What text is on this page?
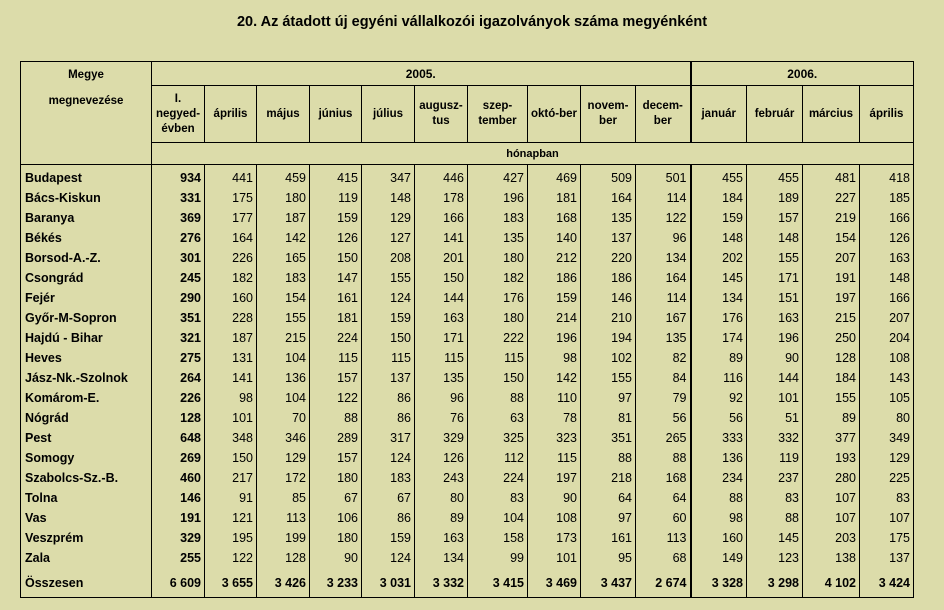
20. Az átadott új egyéni vállalkozói igazolványok száma megyénként
Megye
megnevezése	2005.										2006.			
	I. negyed-évben	április	május	június	július	augusz-tus	szep-tember	októ-ber	novem-ber	decem-ber	január	február	március	április
	hónapban													
Budapest	934	441	459	415	347	446	427	469	509	501	455	455	481	418
Bács-Kiskun	331	175	180	119	148	178	196	181	164	114	184	189	227	185
Baranya	369	177	187	159	129	166	183	168	135	122	159	157	219	166
Békés	276	164	142	126	127	141	135	140	137	96	148	148	154	126
Borsod-A.-Z.	301	226	165	150	208	201	180	212	220	134	202	155	207	163
Csongrád	245	182	183	147	155	150	182	186	186	164	145	171	191	148
Fejér	290	160	154	161	124	144	176	159	146	114	134	151	197	166
Győr-M-Sopron	351	228	155	181	159	163	180	214	210	167	176	163	215	207
Hajdú - Bihar	321	187	215	224	150	171	222	196	194	135	174	196	250	204
Heves	275	131	104	115	115	115	115	98	102	82	89	90	128	108
Jász-Nk.-Szolnok	264	141	136	157	137	135	150	142	155	84	116	144	184	143
Komárom-E.	226	98	104	122	86	96	88	110	97	79	92	101	155	105
Nógrád	128	101	70	88	86	76	63	78	81	56	56	51	89	80
Pest	648	348	346	289	317	329	325	323	351	265	333	332	377	349
Somogy	269	150	129	157	124	126	112	115	88	88	136	119	193	129
Szabolcs-Sz.-B.	460	217	172	180	183	243	224	197	218	168	234	237	280	225
Tolna	146	91	85	67	67	80	83	90	64	64	88	83	107	83
Vas	191	121	113	106	86	89	104	108	97	60	98	88	107	107
Veszprém	329	195	199	180	159	163	158	173	161	113	160	145	203	175
Zala	255	122	128	90	124	134	99	101	95	68	149	123	138	137
Összesen	6 609	3 655	3 426	3 233	3 031	3 332	3 415	3 469	3 437	2 674	3 328	3 298	4 102	3 424
